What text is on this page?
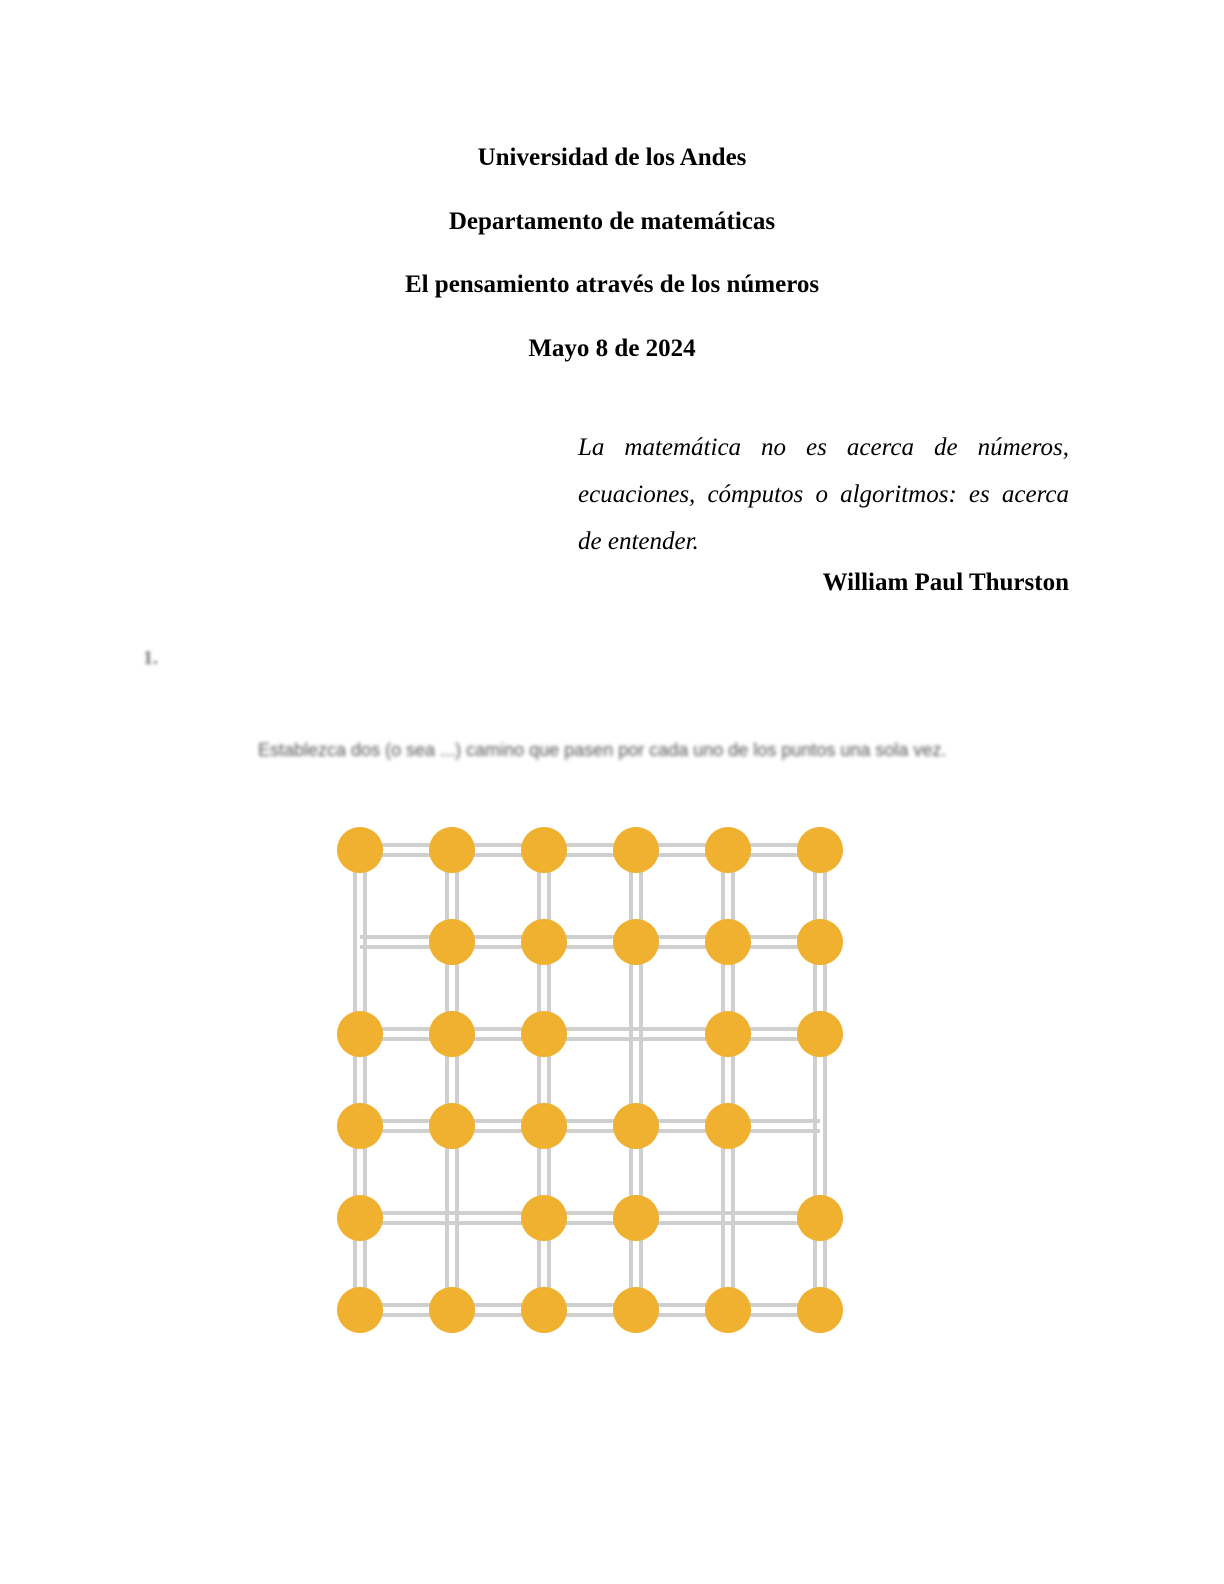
Universidad de los Andes

Departamento de matemáticas

El pensamiento através de los números

Mayo 8 de 2024

La matemática no es acerca de números, ecuaciones, cómputos o algoritmos: es acerca de entender.

William Paul Thurston

1.

Establezca dos (o sea ...) camino que pasen por cada uno de los puntos una sola vez.
